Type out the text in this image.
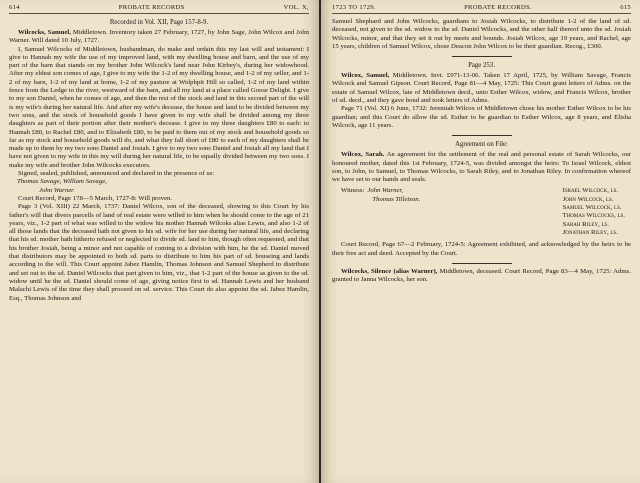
614	PROBATE RECORDS	VOL. X,
Recorded in Vol. XII, Page 157-8-9.

Wilcocks, Samuel, Middletown. Inventory taken 27 February, 1727, by John Sage, John Wilcox and John Warner. Will dated 10 July, 1727.

I, Samuel Wilcocks of Middletown, husbandman, do make and ordain this my last will and testament: I give to Hannah my wife the use of my improved land, with my dwelling house and barn, and the use of my part of the barn that stands on my brother John Wilcock's land near John Kirbey's, during her widowhood. After my eldest son comes of age, I give to my wife the 1-2 of my dwelling house, and 1-2 of my seller, and 1-2 of my barn, 1-2 of my land at home, 1-2 of my pasture at Wolphpit Hill so called, 1-2 of my land within fence from the Ledge to the river, westward of the barn, and all my land at a place called Goose Delight. I give to my son Daniel, when he comes of age, and then the rest of the stock and land in this second part of the will is my wife's during her natural life. And after my wife's decease, the house and land to be divided between my two sons, and the stock of household goods I have given to my wife shall be divided among my three daughters as part of their portion after their mother's decease. I give to my three daughters £80 to each: to Hannah £80, to Rachel £80, and to Elizabeth £80, to be paid to them out of my stock and household goods so far as my stock and household goods will do, and what they fall short of £80 to each of my daughters shall be made up to them by my two sons Daniel and Josiah. I give to my two sons Daniel and Josiah all my land that I have not given to my wife in this my will during her natural life, to be equally divided between my two sons. I make my wife and brother John Wilcocks executors.

Signed, sealed, published, announced and declared in the presence of us:

Thomas Savage, William Savage,
John Warner.

Court Record, Page 178—5 March, 1727-8: Will proven.

Page 3 (Vol. XIII) 22 March, 1737: Daniel Wilcox, son of the deceased, showing to this Court by his father's will that divers parcells of land of real estate were willed to him when he should come to the age of 21 years, viz., 1-2 part of what was willed to the widow his mother Hannah Wilcoks alias Lewis, and also 1-2 of all those lands that the deceased hath not given to his sd. wife for her use during her natural life, and declaring that his sd. mother hath hitherto refused or neglected to divide sd. land to him, though often requested, and that his brother Josiah, being a minor and not capable of coming to a division with him, he the sd. Daniel moved that distributors may be appointed to both sd. parts to distribute to him his part of sd. houseing and lands according to the will. This Court appoint Jabez Hamlin, Thomas Johnson and Samuel Shepherd to distribute and set out to the sd. Daniel Wilcocks that part given to him, viz., that 1-2 part of the house as given to the sd. widow until he the sd. Daniel should come of age, giving notice first to sd. Hannah Lewis and her husband Malachi Lewis of the time they shall proceed on sd. service. This Court do also appoint the sd. Jabez Hamlin, Esq., Thomas Johnson and

1723 TO 1729.	PROBATE RECORDS.	615

Samuel Shephard and John Wilcocks, guardians to Josiah Wilcocks, to distribute 1-2 of the land of sd. deceased, not given to the sd. widow to the sd. Daniel Wilcocks, and the other half thereof unto the sd. Josiah Wilcocks, minor, and that they set it out by meets and bounds. Josiah Wilcox, age 19 years, and Rachel, age 15 years, children of Samuel Wilcox, chose Deacon John Wilcox to be their guardian. Recog., £300.

Page 253.

Wilcox, Samuel, Middletown. Invt. £971-13-06. Taken 17 April, 1725, by William Savage, Francis Wilcock and Samuel Gipson. Court Record, Page 81—4 May, 1725: This Court grant letters of Adms. on the estate of Samuel Wilcox, late of Middletown decd., unto Esther Wilcox, widow, and Francis Wilcox, brother of sd. decd., and they gave bond and took letters of Adms.

Page 71 (Vol. XI) 6 June, 1732: Jeremiah Wilcox of Middletown chose his mother Esther Wilcox to be his guardian; and this Court do allow the sd. Esther to be guardian to Esther Wilcox, age 8 years, and Elisha Wilcock, age 11 years.

Agreement on File:

Wilcox, Sarah. An agreement for the settlement of the real and personal estate of Sarah Wilcocks, our honoured mother, dated this 1st February, 1724-5, was divided amongst the heirs: To Israel Wilcock, eldest son, to John, to Samuel, to Thomas Wilcocks, to Sarah Riley, and to Jonathan Riley. In confirmation whereof we have set to our hands and seals.

Witness: John Warner,
Thomas Tilletson.
Israel Wilcock, ls.
John Wilcock, ls.
Samuel Wilcock, ls.
Thomas Wilcocks, ls.
Sarah Riley, ls.
Jonathan Riley, ls.

Court Record, Page 67—2 February, 1724-5: Agreement exhibited, and acknowledged by the heirs to be their free act and deed. Accepted by the Court.

Wilcocks, Silence (alias Warner), Middletown, deceased. Court Record, Page 83—4 May, 1725: Adms. granted to Janna Wilcocks, her son.
